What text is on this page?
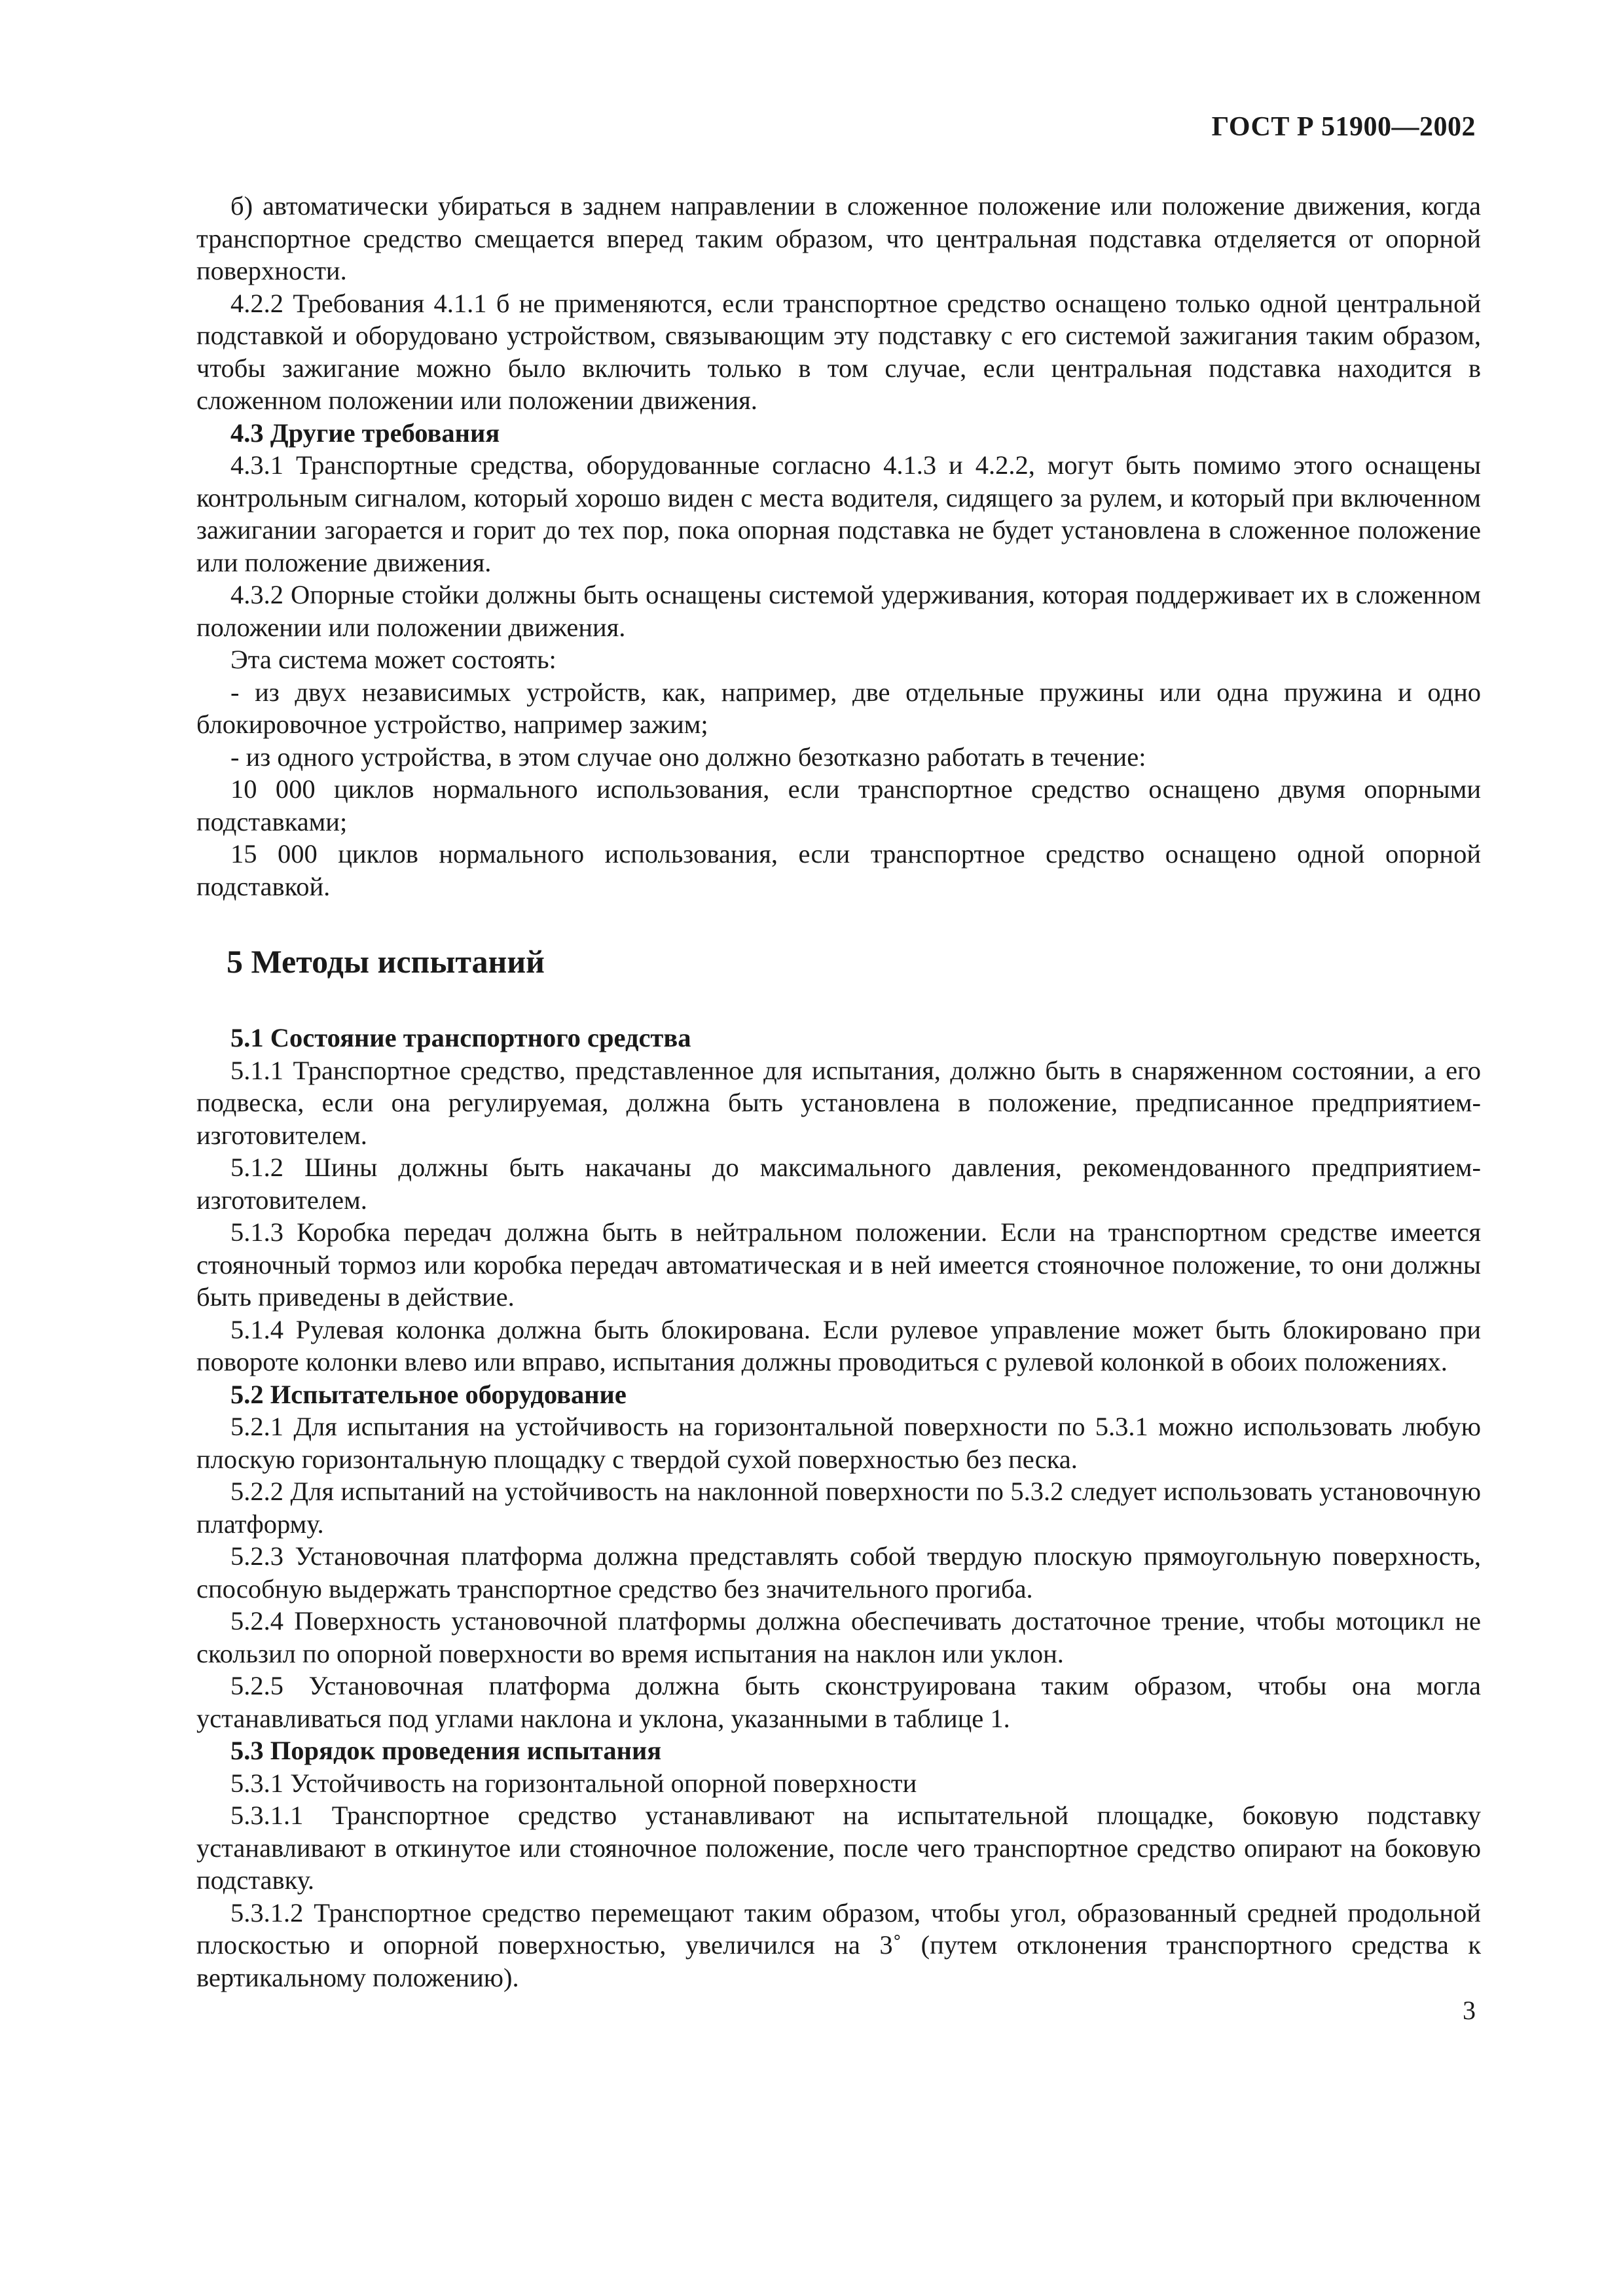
ГОСТ Р 51900—2002

б) автоматически убираться в заднем направлении в сложенное положение или положение движения, когда транспортное средство смещается вперед таким образом, что центральная подставка отделяется от опорной поверхности.

4.2.2 Требования 4.1.1 б не применяются, если транспортное средство оснащено только одной центральной подставкой и оборудовано устройством, связывающим эту подставку с его системой зажигания таким образом, чтобы зажигание можно было включить только в том случае, если центральная подставка находится в сложенном положении или положении движения.

4.3 Другие требования

4.3.1 Транспортные средства, оборудованные согласно 4.1.3 и 4.2.2, могут быть помимо этого оснащены контрольным сигналом, который хорошо виден с места водителя, сидящего за рулем, и который при включенном зажигании загорается и горит до тех пор, пока опорная подставка не будет установлена в сложенное положение или положение движения.

4.3.2 Опорные стойки должны быть оснащены системой удерживания, которая поддерживает их в сложенном положении или положении движения.

Эта система может состоять:

- из двух независимых устройств, как, например, две отдельные пружины или одна пружина и одно блокировочное устройство, например зажим;

- из одного устройства, в этом случае оно должно безотказно работать в течение:

10 000 циклов нормального использования, если транспортное средство оснащено двумя опорными подставками;

15 000 циклов нормального использования, если транспортное средство оснащено одной опорной подставкой.

5 Методы испытаний

5.1 Состояние транспортного средства

5.1.1 Транспортное средство, представленное для испытания, должно быть в снаряженном состоянии, а его подвеска, если она регулируемая, должна быть установлена в положение, предписанное предприятием-изготовителем.

5.1.2 Шины должны быть накачаны до максимального давления, рекомендованного предприятием-изготовителем.

5.1.3 Коробка передач должна быть в нейтральном положении. Если на транспортном средстве имеется стояночный тормоз или коробка передач автоматическая и в ней имеется стояночное положение, то они должны быть приведены в действие.

5.1.4 Рулевая колонка должна быть блокирована. Если рулевое управление может быть блокировано при повороте колонки влево или вправо, испытания должны проводиться с рулевой колонкой в обоих положениях.

5.2 Испытательное оборудование

5.2.1 Для испытания на устойчивость на горизонтальной поверхности по 5.3.1 можно использовать любую плоскую горизонтальную площадку с твердой сухой поверхностью без песка.

5.2.2 Для испытаний на устойчивость на наклонной поверхности по 5.3.2 следует использовать установочную платформу.

5.2.3 Установочная платформа должна представлять собой твердую плоскую прямоугольную поверхность, способную выдержать транспортное средство без значительного прогиба.

5.2.4 Поверхность установочной платформы должна обеспечивать достаточное трение, чтобы мотоцикл не скользил по опорной поверхности во время испытания на наклон или уклон.

5.2.5 Установочная платформа должна быть сконструирована таким образом, чтобы она могла устанавливаться под углами наклона и уклона, указанными в таблице 1.

5.3 Порядок проведения испытания

5.3.1 Устойчивость на горизонтальной опорной поверхности

5.3.1.1 Транспортное средство устанавливают на испытательной площадке, боковую подставку устанавливают в откинутое или стояночное положение, после чего транспортное средство опирают на боковую подставку.

5.3.1.2 Транспортное средство перемещают таким образом, чтобы угол, образованный средней продольной плоскостью и опорной поверхностью, увеличился на 3˚ (путем отклонения транспортного средства к вертикальному положению).

3
